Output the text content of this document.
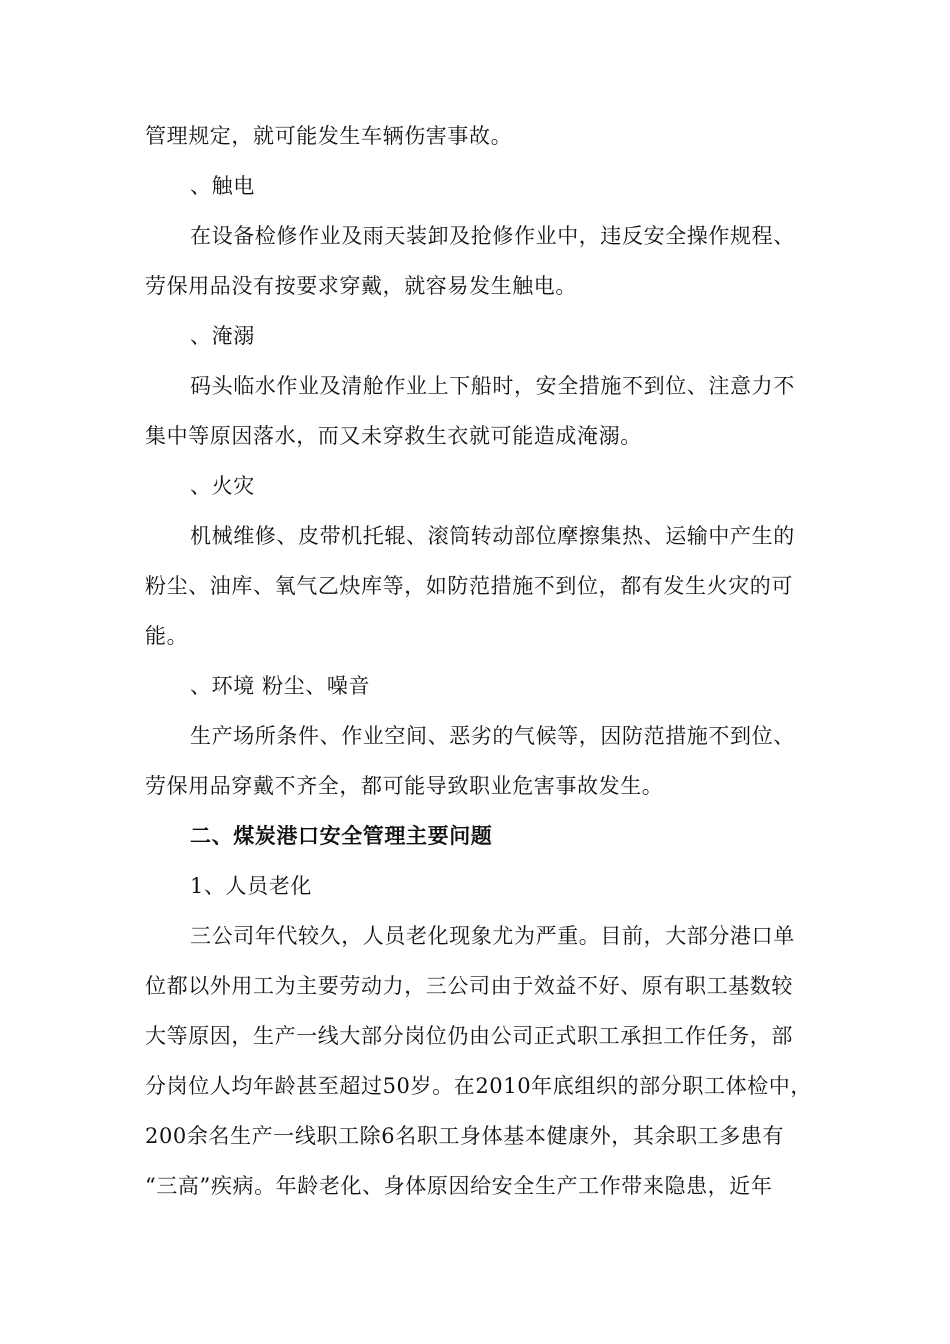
管理规定，就可能发生车辆伤害事故。
、触电
在设备检修作业及雨天装卸及抢修作业中，违反安全操作规程、
劳保用品没有按要求穿戴，就容易发生触电。
、淹溺
码头临水作业及清舱作业上下船时，安全措施不到位、注意力不
集中等原因落水，而又未穿救生衣就可能造成淹溺。
、火灾
机械维修、皮带机托辊、滚筒转动部位摩擦集热、运输中产生的
粉尘、油库、氧气乙炔库等，如防范措施不到位，都有发生火灾的可
能。
、环境 粉尘、噪音
生产场所条件、作业空间、恶劣的气候等，因防范措施不到位、
劳保用品穿戴不齐全，都可能导致职业危害事故发生。
二、煤炭港口安全管理主要问题
1、人员老化
三公司年代较久，人员老化现象尤为严重。目前，大部分港口单
位都以外用工为主要劳动力，三公司由于效益不好、原有职工基数较
大等原因，生产一线大部分岗位仍由公司正式职工承担工作任务，部
分岗位人均年龄甚至超过50岁。在2010年底组织的部分职工体检中，
200余名生产一线职工除6名职工身体基本健康外，其余职工多患有
“三高”疾病。年龄老化、身体原因给安全生产工作带来隐患，近年
